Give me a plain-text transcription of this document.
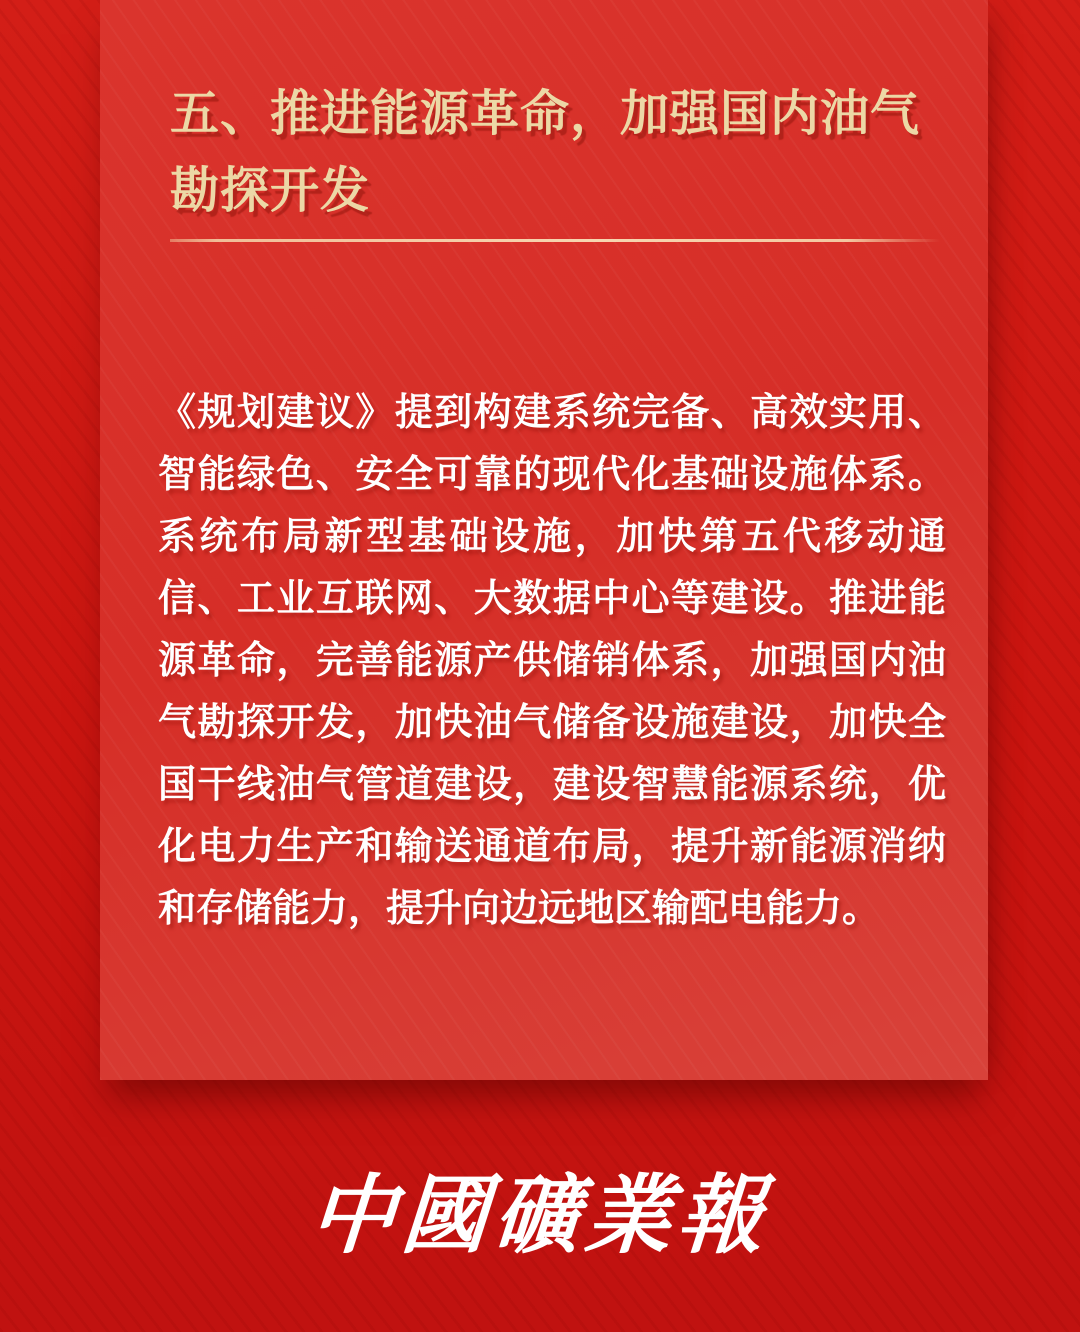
五、推进能源革命，加强国内油气
勘探开发

《规划建议》提到构建系统完备、高效实用、智能绿色、安全可靠的现代化基础设施体系。系统布局新型基础设施，加快第五代移动通信、工业互联网、大数据中心等建设。推进能源革命，完善能源产供储销体系，加强国内油气勘探开发，加快油气储备设施建设，加快全国干线油气管道建设，建设智慧能源系统，优化电力生产和输送通道布局，提升新能源消纳和存储能力，提升向边远地区输配电能力。

中國礦業報
